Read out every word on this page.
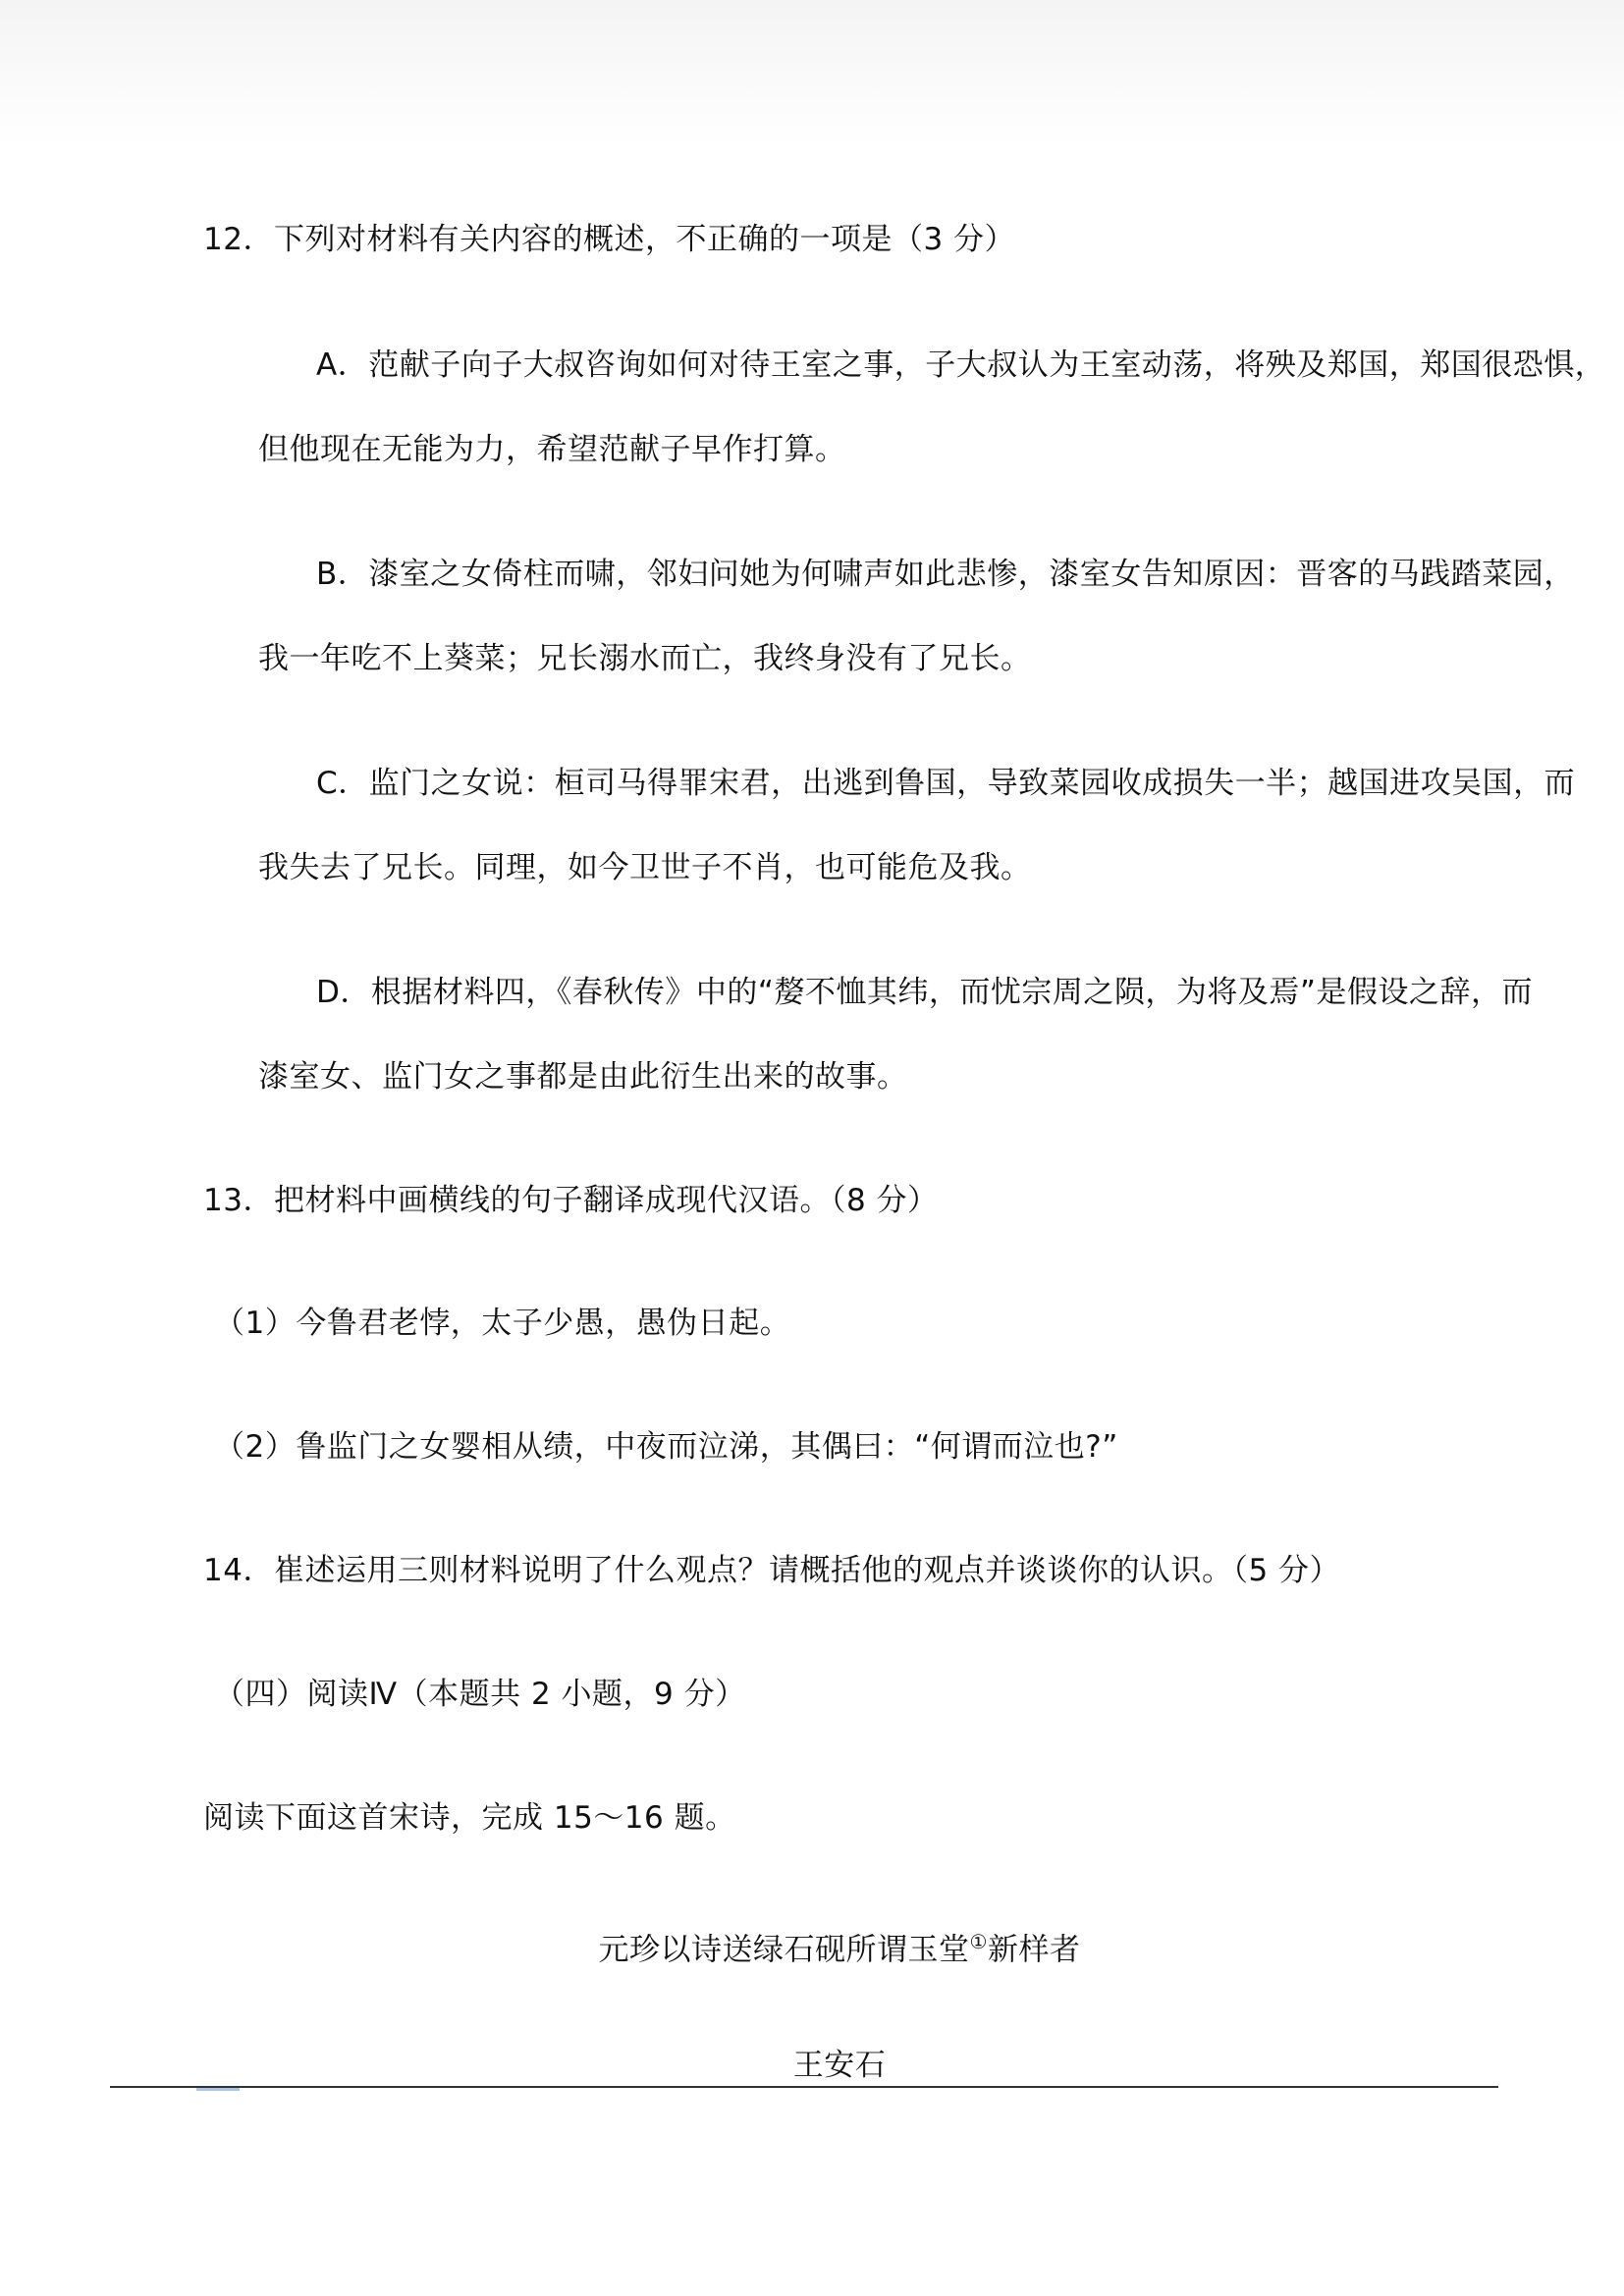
12．下列对材料有关内容的概述，不正确的一项是（3 分）
A．范献子向子大叔咨询如何对待王室之事，子大叔认为王室动荡，将殃及郑国，郑国很恐惧，
但他现在无能为力，希望范献子早作打算。
B．漆室之女倚柱而啸，邻妇问她为何啸声如此悲惨，漆室女告知原因：晋客的马践踏菜园，
我一年吃不上葵菜；兄长溺水而亡，我终身没有了兄长。
C．监门之女说：桓司马得罪宋君，出逃到鲁国，导致菜园收成损失一半；越国进攻吴国，而
我失去了兄长。同理，如今卫世子不肖，也可能危及我。
D．根据材料四，《春秋传》中的“嫠不恤其纬，而忧宗周之陨，为将及焉”是假设之辞，而
漆室女、监门女之事都是由此衍生出来的故事。
13．把材料中画横线的句子翻译成现代汉语。（8 分）
（1）今鲁君老悖，太子少愚，愚伪日起。
（2）鲁监门之女婴相从绩，中夜而泣涕，其偶曰：“何谓而泣也?”
14．崔述运用三则材料说明了什么观点？请概括他的观点并谈谈你的认识。（5 分）
（四）阅读Ⅳ（本题共 2 小题，9 分）
阅读下面这首宋诗，完成 15～16 题。
元珍以诗送绿石砚所谓玉堂①新样者
王安石
